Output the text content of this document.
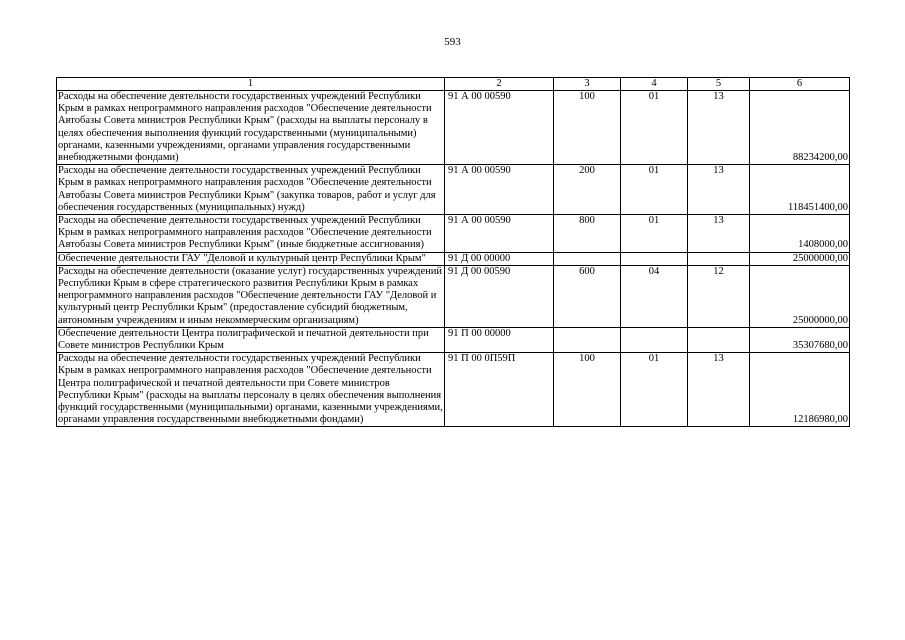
593
1	2	3	4	5	6
Расходы на обеспечение деятельности государственных учреждений Республики Крым в рамках непрограммного направления расходов "Обеспечение деятельности Автобазы Совета министров Республики Крым" (расходы на выплаты персоналу в целях обеспечения выполнения функций государственными (муниципальными) органами, казенными учреждениями, органами управления государственными внебюджетными фондами)	91 А 00 00590	100	01	13	88234200,00
Расходы на обеспечение деятельности государственных учреждений Республики Крым в рамках непрограммного направления расходов "Обеспечение деятельности Автобазы Совета министров Республики Крым" (закупка товаров, работ и услуг для обеспечения государственных (муниципальных) нужд)	91 А 00 00590	200	01	13	118451400,00
Расходы на обеспечение деятельности государственных учреждений Республики Крым в рамках непрограммного направления расходов "Обеспечение деятельности Автобазы Совета министров Республики Крым" (иные бюджетные ассигнования)	91 А 00 00590	800	01	13	1408000,00
Обеспечение деятельности ГАУ "Деловой и культурный центр Республики Крым"	91 Д 00 00000				25000000,00
Расходы на обеспечение деятельности (оказание услуг) государственных учреждений Республики Крым в сфере стратегического развития Республики Крым в рамках непрограммного направления расходов "Обеспечение деятельности ГАУ "Деловой и культурный центр Республики Крым" (предоставление субсидий бюджетным, автономным учреждениям и иным некоммерческим организациям)	91 Д 00 00590	600	04	12	25000000,00
Обеспечение деятельности Центра полиграфической и печатной деятельности при Совете министров Республики Крым	91 П 00 00000				35307680,00
Расходы на обеспечение деятельности государственных учреждений Республики Крым в рамках непрограммного направления расходов "Обеспечение деятельности Центра полиграфической и печатной деятельности при Совете министров Республики Крым" (расходы на выплаты персоналу в целях обеспечения выполнения функций государственными (муниципальными) органами, казенными учреждениями, органами управления государственными внебюджетными фондами)	91 П 00 0П59П	100	01	13	12186980,00
